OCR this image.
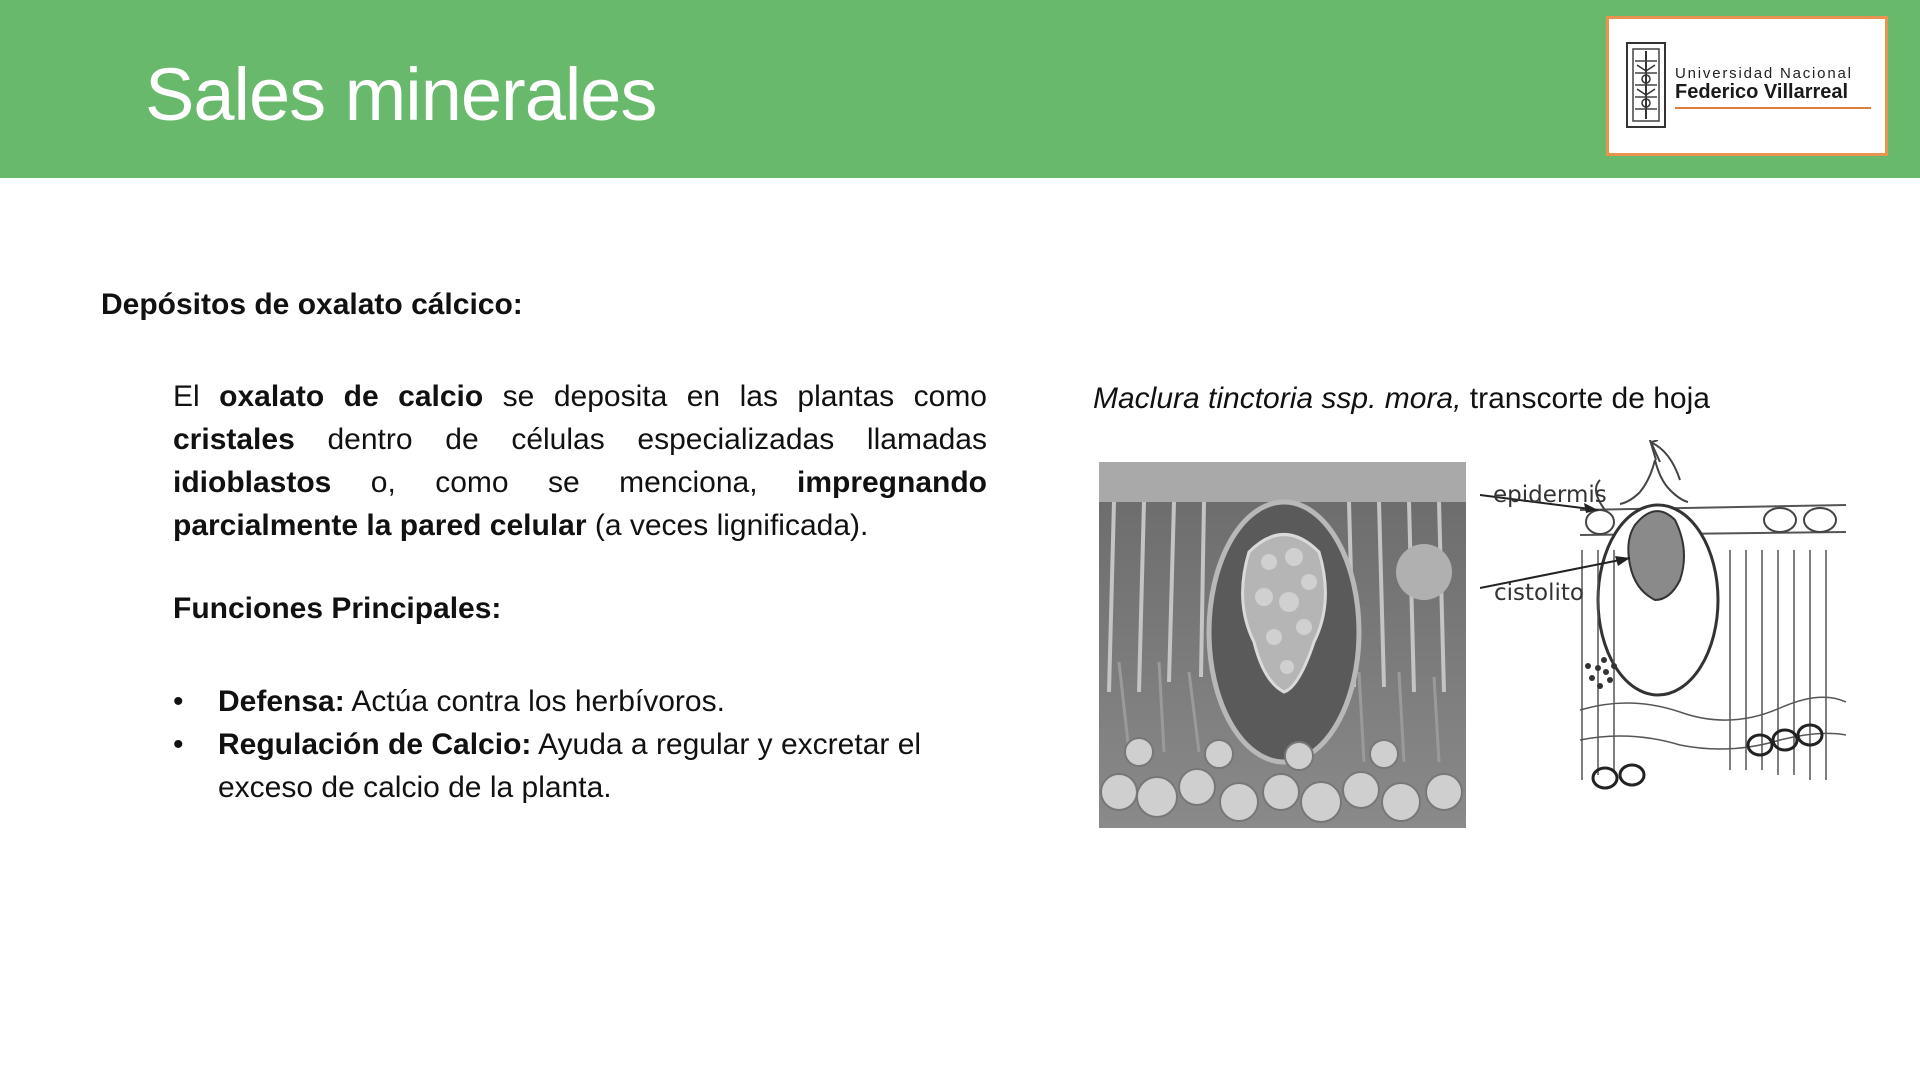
Sales minerales	Universidad Nacional
Federico Villarreal
Depósitos de oxalato cálcico:

El oxalato de calcio se deposita en las plantas como cristales dentro de células especializadas llamadas idioblastos o, como se menciona, impregnando parcialmente la pared celular (a veces lignificada).

Funciones Principales:
• Defensa: Actúa contra los herbívoros.
• Regulación de Calcio: Ayuda a regular y excretar el exceso de calcio de la planta.

Maclura tinctoria ssp. mora, transcorte de hoja

epidermis
cistolito
